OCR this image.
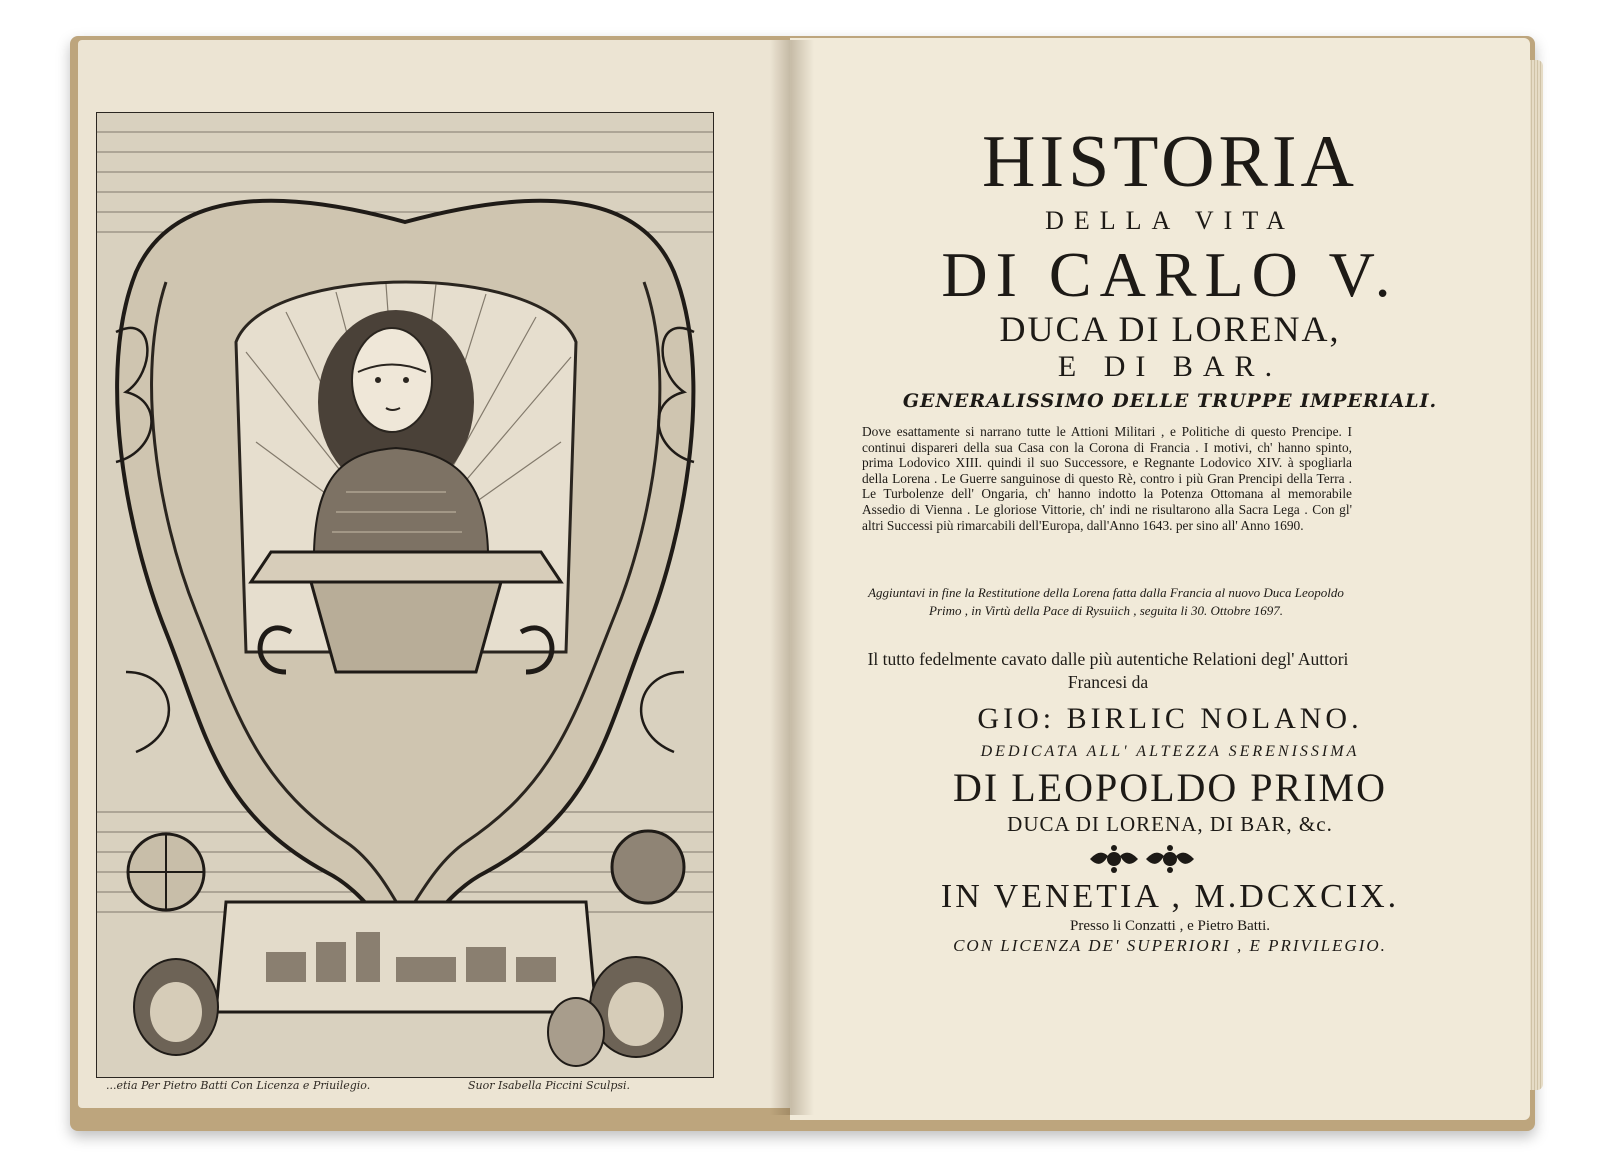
...etia Per Pietro Batti Con Licenza e Priuilegio.	Suor Isabella Piccini Sculpsi.
HISTORIA
DELLA VITA
DI CARLO V.
DUCA DI LORENA,
E DI BAR.
GENERALISSIMO DELLE TRUPPE IMPERIALI.
Dove esattamente si narrano tutte le Attioni Militari , e Politiche di questo Prencipe. I continui dispareri della sua Casa con la Corona di Francia . I motivi, ch' hanno spinto, prima Lodovico XIII. quindi il suo Successore, e Regnante Lodovico XIV. à spogliarla della Lorena . Le Guerre sanguinose di questo Rè, contro i più Gran Prencipi della Terra . Le Turbolenze dell' Ongaria, ch' hanno indotto la Potenza Ottomana al memorabile Assedio di Vienna . Le gloriose Vittorie, ch' indi ne risultarono alla Sacra Lega . Con gl' altri Successi più rimarcabili dell'Europa, dall'Anno 1643. per sino all' Anno 1690.
Aggiuntavi in fine la Restitutione della Lorena fatta dalla Francia al nuovo Duca Leopoldo Primo , in Virtù della Pace di Rysuiich , seguita li 30. Ottobre 1697.
Il tutto fedelmente cavato dalle più autentiche Relationi degl' Auttori Francesi da
GIO: BIRLIC NOLANO.
DEDICATA ALL' ALTEZZA SERENISSIMA
DI LEOPOLDO PRIMO
DUCA DI LORENA, DI BAR, &c.
IN VENETIA , M.DCXCIX.
Presso li Conzatti , e Pietro Batti.
CON LICENZA DE' SUPERIORI , E PRIVILEGIO.
